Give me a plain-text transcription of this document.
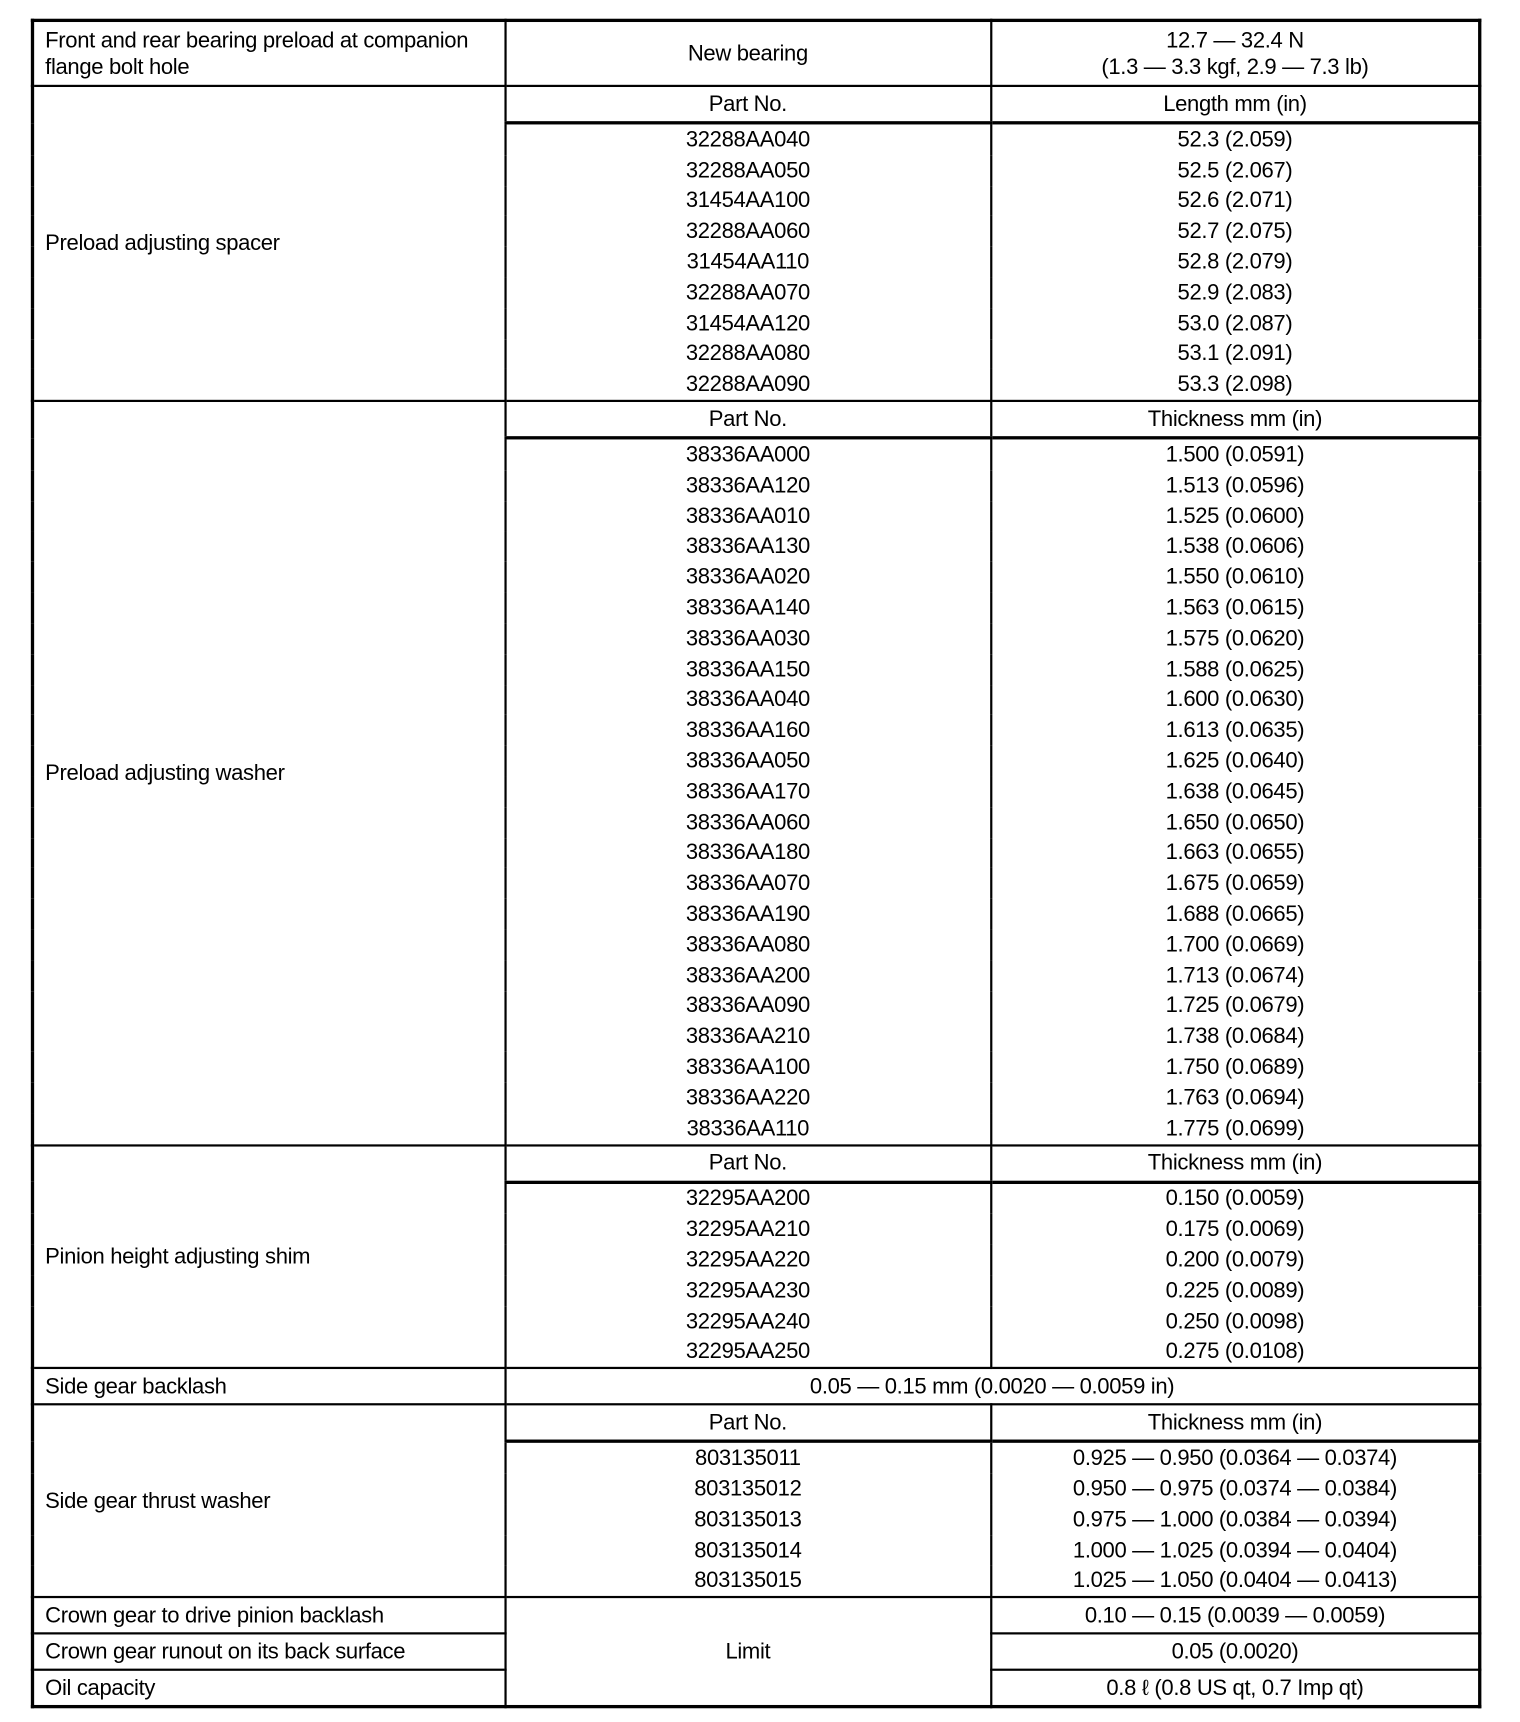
Front and rear bearing preload at companion flange bolt hole	New bearing	12.7 — 32.4 N
(1.3 — 3.3 kgf, 2.9 — 7.3 lb)

Preload adjusting spacer	Part No.	Length mm (in)
	32288AA040	52.3 (2.059)
	32288AA050	52.5 (2.067)
	31454AA100	52.6 (2.071)
	32288AA060	52.7 (2.075)
	31454AA110	52.8 (2.079)
	32288AA070	52.9 (2.083)
	31454AA120	53.0 (2.087)
	32288AA080	53.1 (2.091)
	32288AA090	53.3 (2.098)
Preload adjusting washer	Part No.	Thickness mm (in)
	38336AA000	1.500 (0.0591)
	38336AA120	1.513 (0.0596)
	38336AA010	1.525 (0.0600)
	38336AA130	1.538 (0.0606)
	38336AA020	1.550 (0.0610)
	38336AA140	1.563 (0.0615)
	38336AA030	1.575 (0.0620)
	38336AA150	1.588 (0.0625)
	38336AA040	1.600 (0.0630)
	38336AA160	1.613 (0.0635)
	38336AA050	1.625 (0.0640)
	38336AA170	1.638 (0.0645)
	38336AA060	1.650 (0.0650)
	38336AA180	1.663 (0.0655)
	38336AA070	1.675 (0.0659)
	38336AA190	1.688 (0.0665)
	38336AA080	1.700 (0.0669)
	38336AA200	1.713 (0.0674)
	38336AA090	1.725 (0.0679)
	38336AA210	1.738 (0.0684)
	38336AA100	1.750 (0.0689)
	38336AA220	1.763 (0.0694)
	38336AA110	1.775 (0.0699)
Pinion height adjusting shim	Part No.	Thickness mm (in)
	32295AA200	0.150 (0.0059)
	32295AA210	0.175 (0.0069)
	32295AA220	0.200 (0.0079)
	32295AA230	0.225 (0.0089)
	32295AA240	0.250 (0.0098)
	32295AA250	0.275 (0.0108)
Side gear backlash	0.05 — 0.15 mm (0.0020 — 0.0059 in)	
Side gear thrust washer	Part No.	Thickness mm (in)
	803135011	0.925 — 0.950 (0.0364 — 0.0374)
	803135012	0.950 — 0.975 (0.0374 — 0.0384)
	803135013	0.975 — 1.000 (0.0384 — 0.0394)
	803135014	1.000 — 1.025 (0.0394 — 0.0404)
	803135015	1.025 — 1.050 (0.0404 — 0.0413)
Crown gear to drive pinion backlash	Limit	0.10 — 0.15 (0.0039 — 0.0059)
Crown gear runout on its back surface		0.05 (0.0020)
Oil capacity		0.8 ℓ (0.8 US qt, 0.7 Imp qt)
